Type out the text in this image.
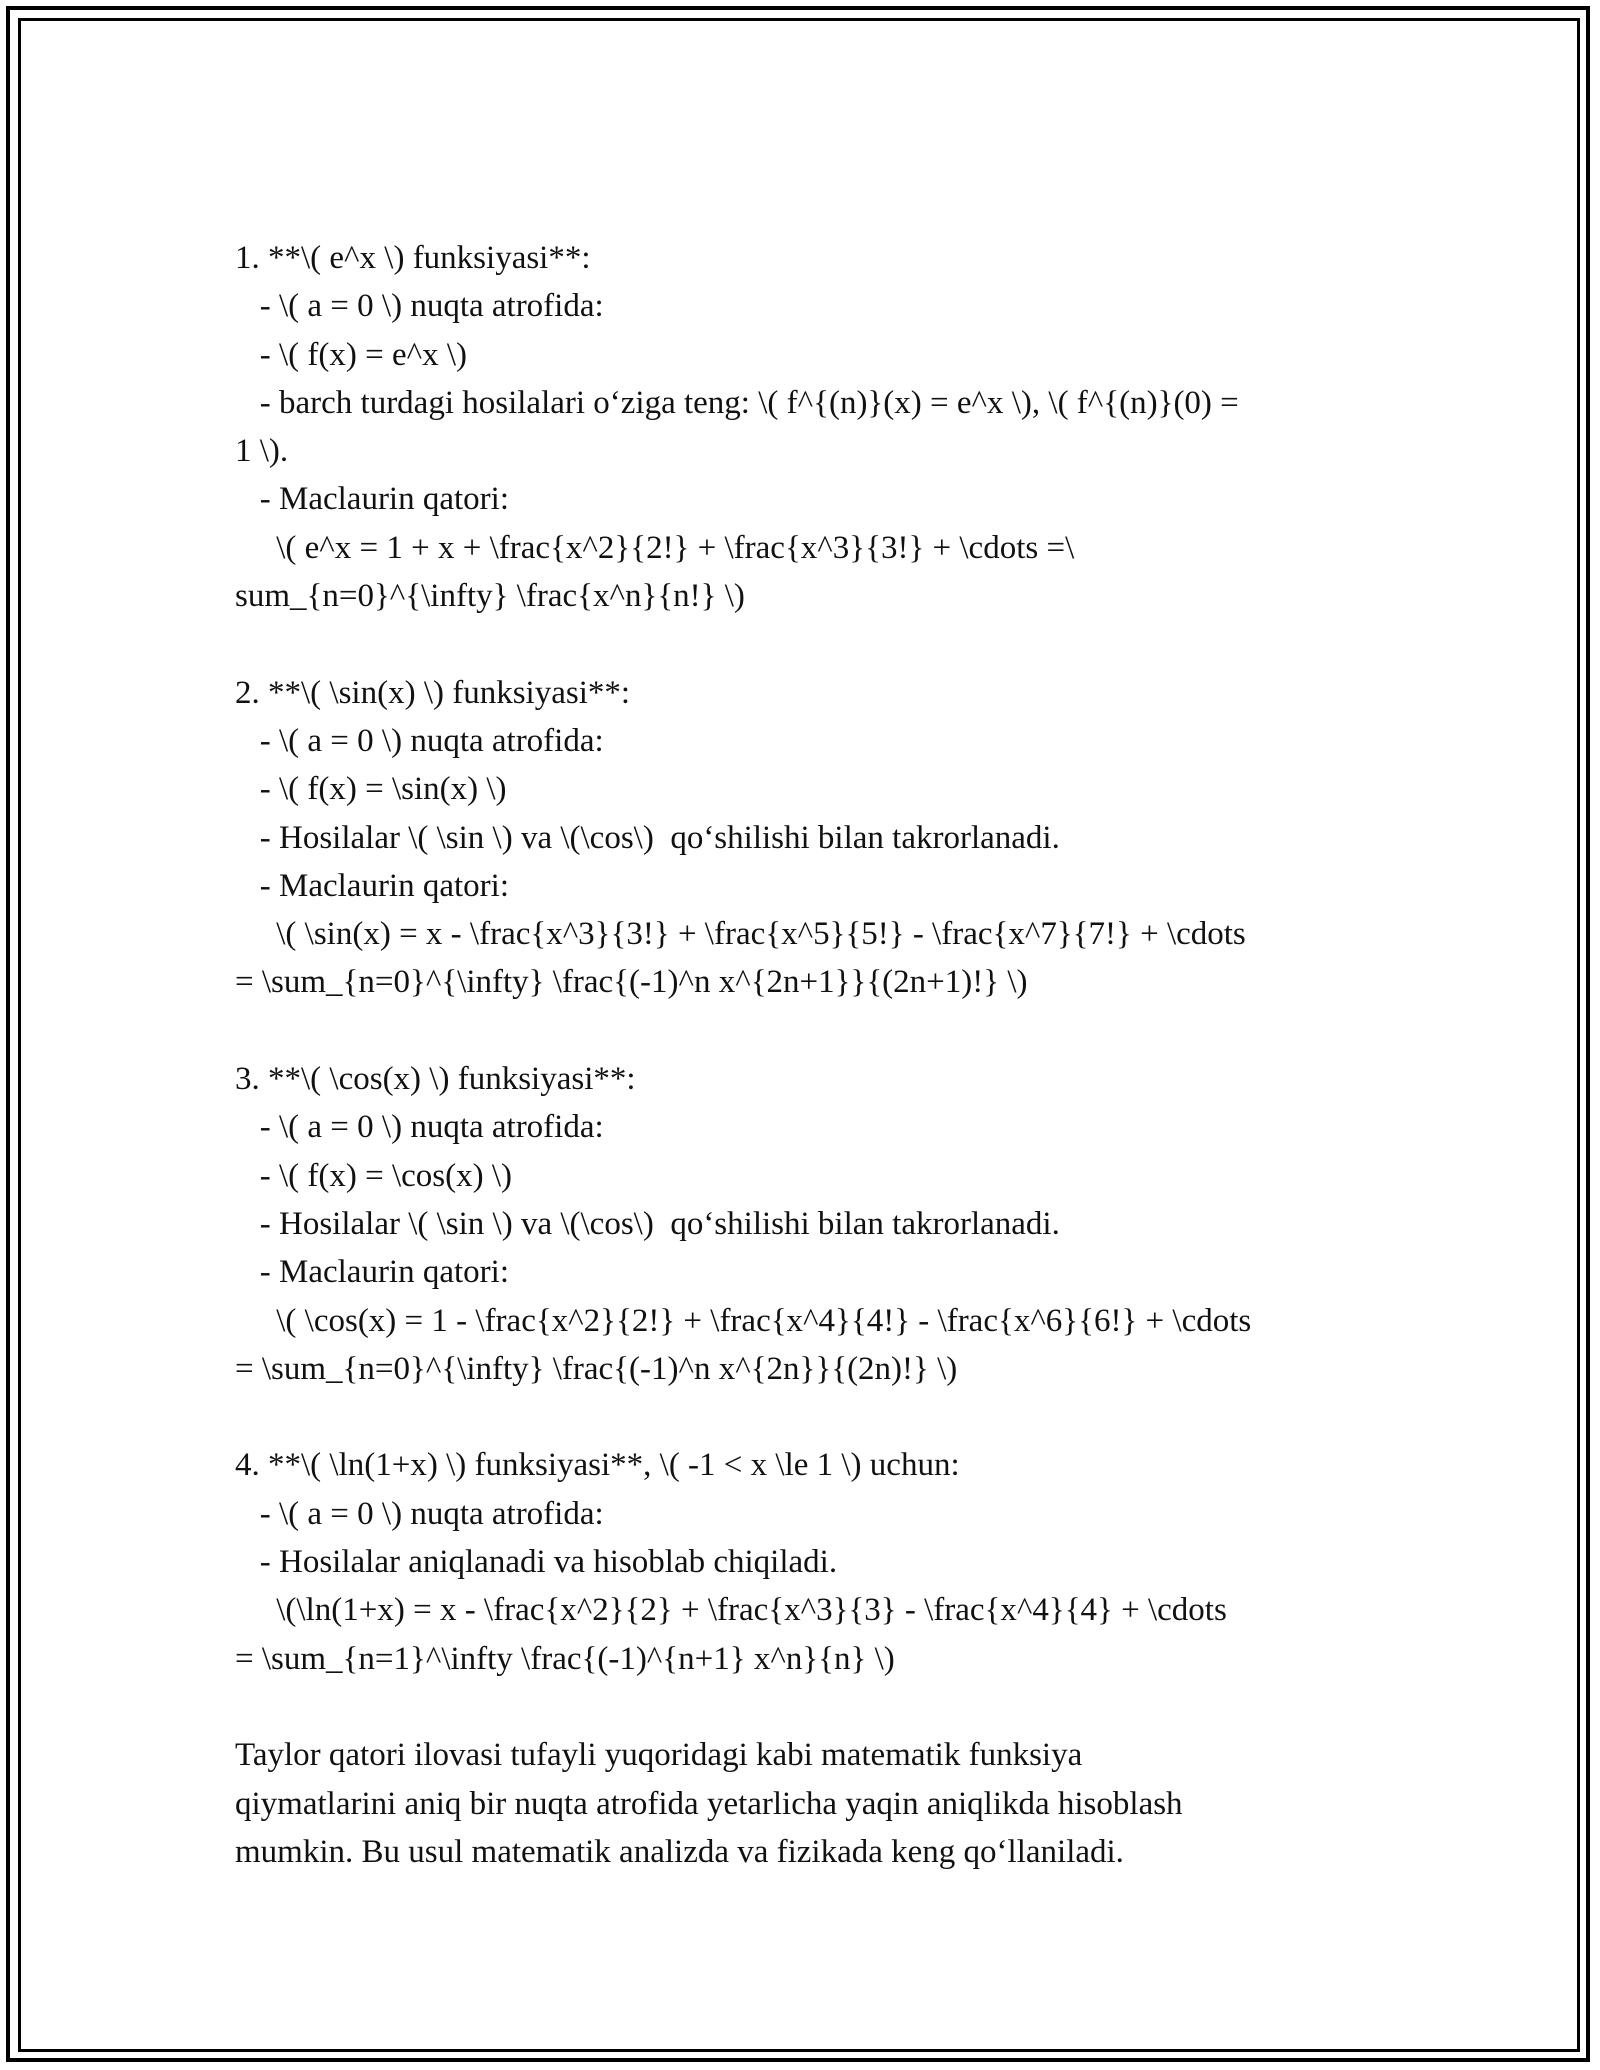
1. **\( e^x \) funksiyasi**:
- \( a = 0 \) nuqta atrofida:
- \( f(x) = e^x \)
- barch turdagi hosilalari o‘ziga teng: \( f^{(n)}(x) = e^x \), \( f^{(n)}(0) =
1 \).
- Maclaurin qatori:
\( e^x = 1 + x + \frac{x^2}{2!} + \frac{x^3}{3!} + \cdots =\
sum_{n=0}^{\infty} \frac{x^n}{n!} \)
2. **\( \sin(x) \) funksiyasi**:
- \( a = 0 \) nuqta atrofida:
- \( f(x) = \sin(x) \)
- Hosilalar \( \sin \) va \(\cos\)  qo‘shilishi bilan takrorlanadi.
- Maclaurin qatori:
\( \sin(x) = x - \frac{x^3}{3!} + \frac{x^5}{5!} - \frac{x^7}{7!} + \cdots
= \sum_{n=0}^{\infty} \frac{(-1)^n x^{2n+1}}{(2n+1)!} \)
3. **\( \cos(x) \) funksiyasi**:
- \( a = 0 \) nuqta atrofida:
- \( f(x) = \cos(x) \)
- Hosilalar \( \sin \) va \(\cos\)  qo‘shilishi bilan takrorlanadi.
- Maclaurin qatori:
\( \cos(x) = 1 - \frac{x^2}{2!} + \frac{x^4}{4!} - \frac{x^6}{6!} + \cdots
= \sum_{n=0}^{\infty} \frac{(-1)^n x^{2n}}{(2n)!} \)
4. **\( \ln(1+x) \) funksiyasi**, \( -1 < x \le 1 \) uchun:
- \( a = 0 \) nuqta atrofida:
- Hosilalar aniqlanadi va hisoblab chiqiladi.
\(\ln(1+x) = x - \frac{x^2}{2} + \frac{x^3}{3} - \frac{x^4}{4} + \cdots
= \sum_{n=1}^\infty \frac{(-1)^{n+1} x^n}{n} \)
Taylor qatori ilovasi tufayli yuqoridagi kabi matematik funksiya
qiymatlarini aniq bir nuqta atrofida yetarlicha yaqin aniqlikda hisoblash
mumkin. Bu usul matematik analizda va fizikada keng qo‘llaniladi.
